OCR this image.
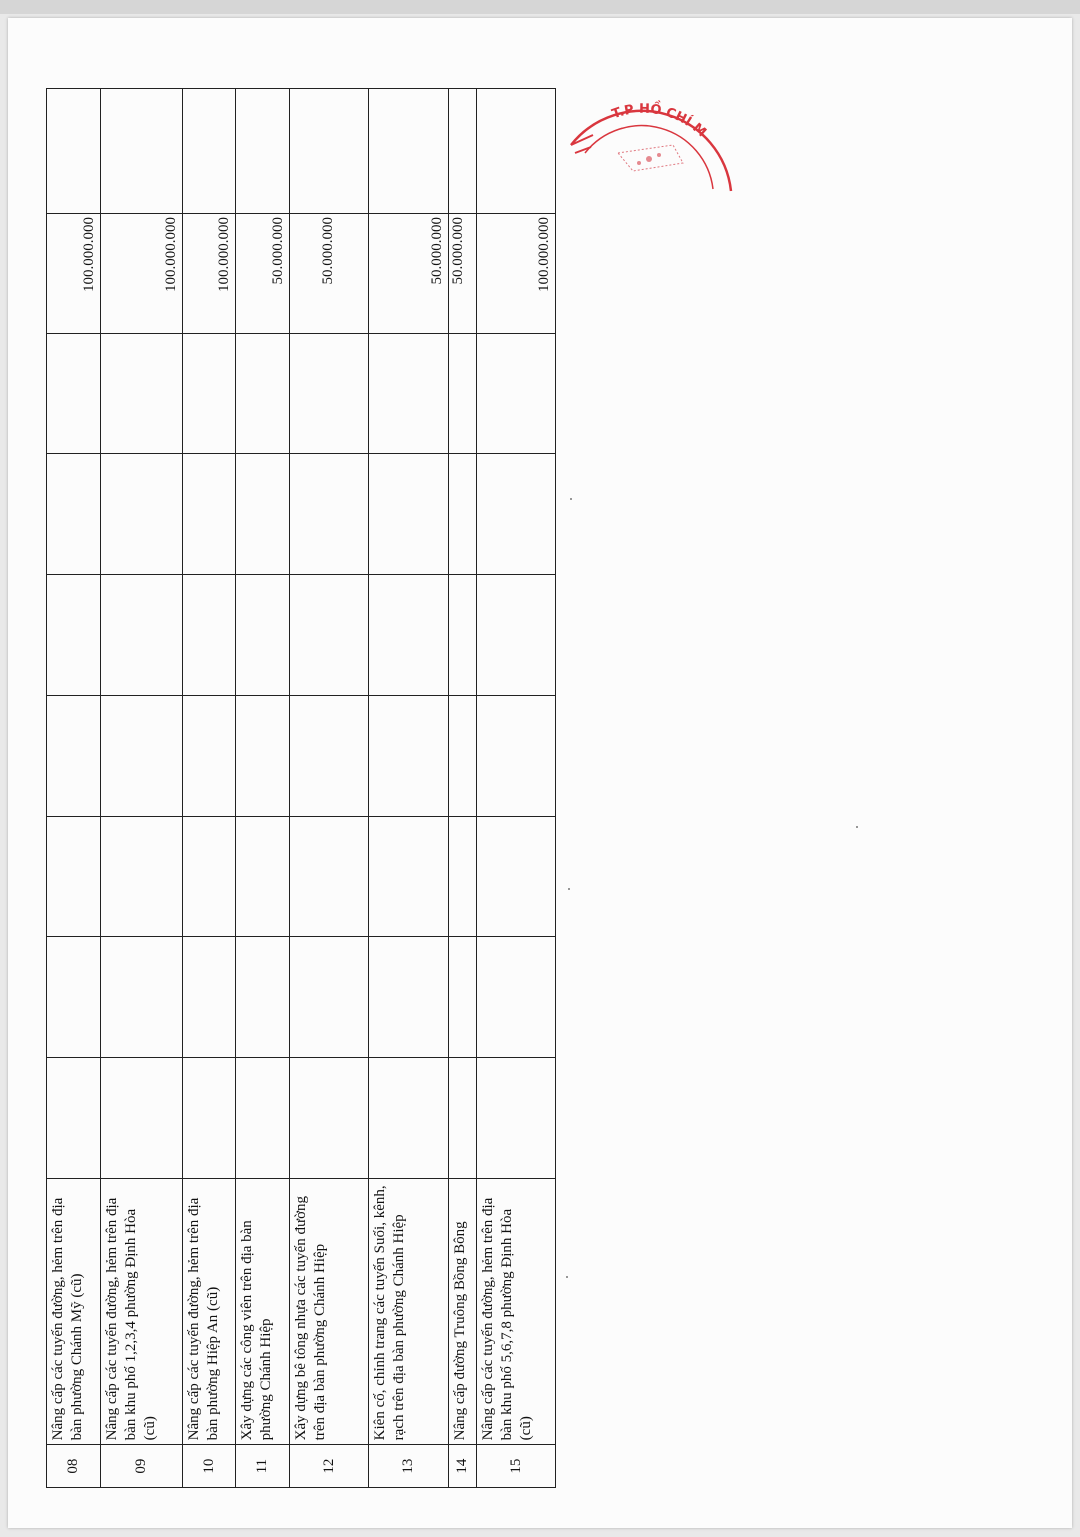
08	Nâng cấp các tuyến đường, hẻm trên địa bàn phường Chánh Mỹ (cũ)								100.000.000	
09	Nâng cấp các tuyến đường, hẻm trên địa bàn khu phố 1,2,3,4 phường Định Hòa (cũ)								100.000.000	
10	Nâng cấp các tuyến đường, hẻm trên địa bàn phường Hiệp An (cũ)								100.000.000	
11	Xây dựng các công viên trên địa bàn phường Chánh Hiệp								50.000.000	
12	Xây dựng bê tông nhựa các tuyến đường trên địa bàn phường Chánh Hiệp								50.000.000	
13	Kiên cố, chỉnh trang các tuyến Suối, kênh, rạch trên địa bàn phường Chánh Hiệp								50.000.000	
14	Nâng cấp đường Truông Bồng Bông								50.000.000	
15	Nâng cấp các tuyến đường, hẻm trên địa bàn khu phố 5,6,7,8 phường Định Hòa (cũ)								100.000.000	
T.P HỒ CHÍ M
